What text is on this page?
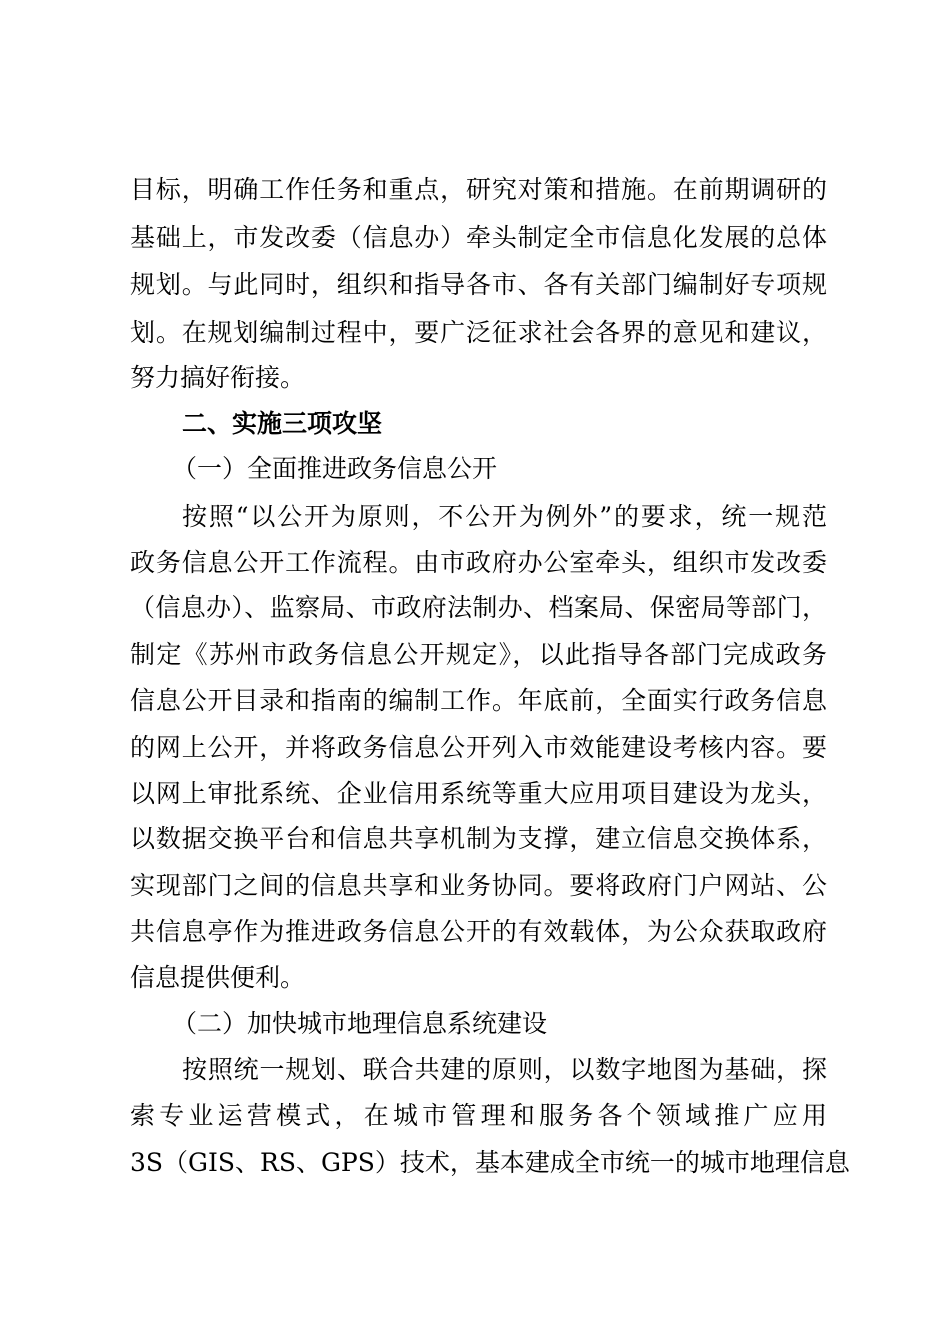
目标，明确工作任务和重点，研究对策和措施。在前期调研的
基础上，市发改委（信息办）牵头制定全市信息化发展的总体
规划。与此同时，组织和指导各市、各有关部门编制好专项规
划。在规划编制过程中，要广泛征求社会各界的意见和建议，
努力搞好衔接。
二、实施三项攻坚
（一）全面推进政务信息公开
按照“以公开为原则，不公开为例外”的要求，统一规范
政务信息公开工作流程。由市政府办公室牵头，组织市发改委
（信息办）、监察局、市政府法制办、档案局、保密局等部门，
制定《苏州市政务信息公开规定》，以此指导各部门完成政务
信息公开目录和指南的编制工作。年底前，全面实行政务信息
的网上公开，并将政务信息公开列入市效能建设考核内容。要
以网上审批系统、企业信用系统等重大应用项目建设为龙头，
以数据交换平台和信息共享机制为支撑，建立信息交换体系，
实现部门之间的信息共享和业务协同。要将政府门户网站、公
共信息亭作为推进政务信息公开的有效载体，为公众获取政府
信息提供便利。
（二）加快城市地理信息系统建设
按照统一规划、联合共建的原则，以数字地图为基础，探
索专业运营模式，在城市管理和服务各个领域推广应用
3S（GIS、RS、GPS）技术，基本建成全市统一的城市地理信息
